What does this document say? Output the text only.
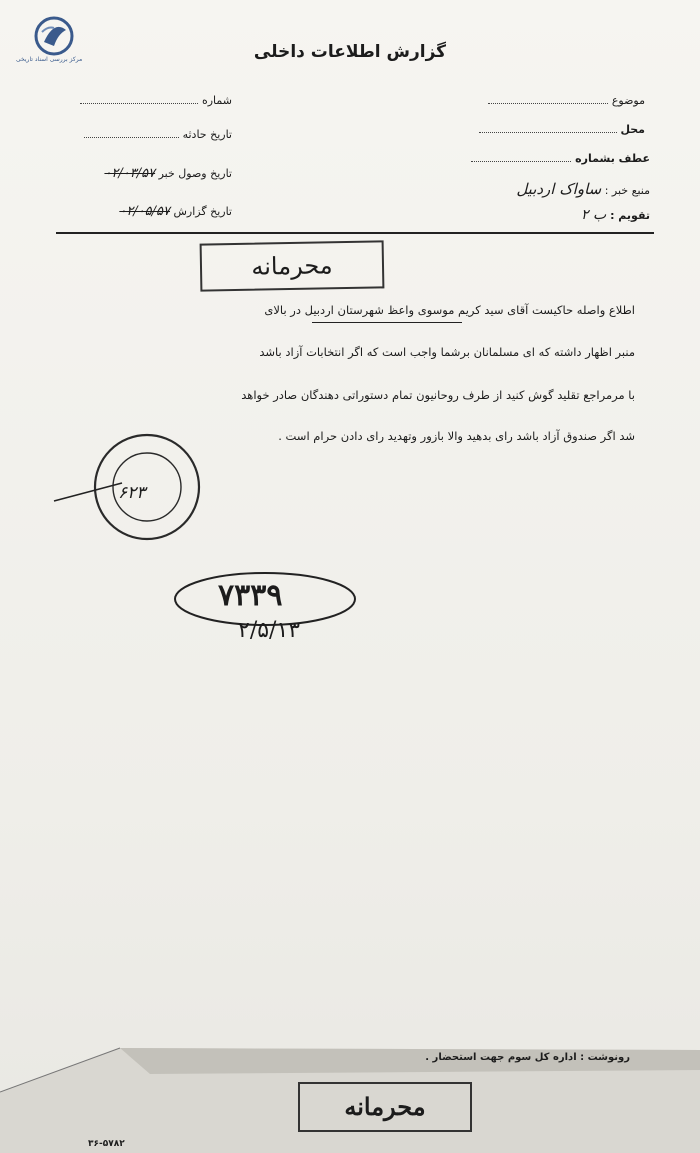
مرکز بررسی اسناد تاریخی	گزارش اطلاعات داخلی
شماره
تاریخ حادثه
تاریخ وصول خبر ۰۲/۰۳/۵۷
تاریخ گزارش ۰۲/۰۵/۵۷
موضوع
محل
عطف بشماره
منبع خبر : ساواک اردبیل
تقویم : ب ۲
محرمانه
اطلاع واصله حاکیست آقای سید کریم موسوی واعظ شهرستان اردبیل در بالای
منبر اظهار داشته که ای مسلمانان برشما واجب است که اگر انتخابات آزاد باشد
با مرمراجع تقلید گوش کنید از طرف روحانیون تمام دستوراتی دهندگان صادر خواهد
شد اگر صندوق آزاد باشد رای بدهید والا بازور وتهدید رای دادن حرام است .
۶۲۳
۷۳۳۹
۲/۵/۱۳
رونوشت : اداره کل سوم جهت استحضار .
محرمانه
۳۶-۵۷۸۲
